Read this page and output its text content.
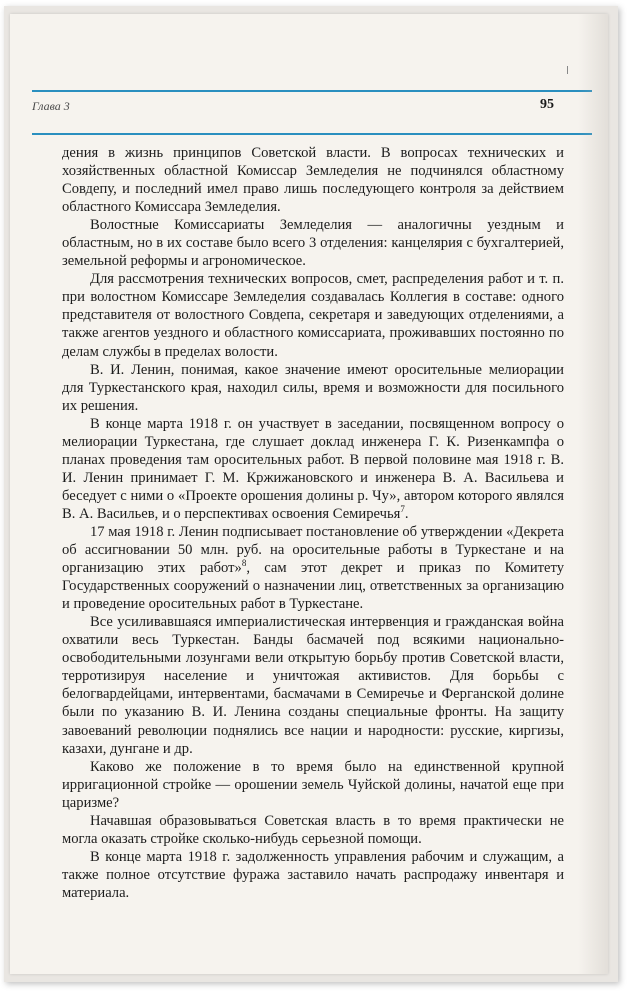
Глава 3	95

дения в жизнь принципов Советской власти. В вопросах технических и хозяйственных областной Комиссар Земледелия не подчинялся областному Совдепу, и последний имел право лишь последующего контроля за действием областного Комиссара Земледелия.

Волостные Комиссариаты Земледелия — аналогичны уездным и областным, но в их составе было всего 3 отделения: канцелярия с бухгалтерией, земельной реформы и агрономическое.

Для рассмотрения технических вопросов, смет, распределения работ и т. п. при волостном Комиссаре Земледелия создавалась Коллегия в составе: одного представителя от волостного Совдепа, секретаря и заведующих отделениями, а также агентов уездного и областного комиссариата, проживавших постоянно по делам службы в пределах волости.

В. И. Ленин, понимая, какое значение имеют оросительные мелиорации для Туркестанского края, находил силы, время и возможности для посильного их решения.

В конце марта 1918 г. он участвует в заседании, посвященном вопросу о мелиорации Туркестана, где слушает доклад инженера Г. К. Ризенкампфа о планах проведения там оросительных работ. В первой половине мая 1918 г. В. И. Ленин принимает Г. М. Кржижановского и инженера В. А. Васильева и беседует с ними о «Проекте орошения долины р. Чу», автором которого являлся В. А. Васильев, и о перспективах освоения Семиречья$^7$.

17 мая 1918 г. Ленин подписывает постановление об утверждении «Декрета об ассигновании 50 млн. руб. на оросительные работы в Туркестане и на организацию этих работ»$^8$, сам этот декрет и приказ по Комитету Государственных сооружений о назначении лиц, ответственных за организацию и проведение оросительных работ в Туркестане.

Все усиливавшаяся империалистическая интервенция и гражданская война охватили весь Туркестан. Банды басмачей под всякими национально-освободительными лозунгами вели открытую борьбу против Советской власти, терротизируя население и уничтожая активистов. Для борьбы с белогвардейцами, интервентами, басмачами в Семиречье и Ферганской долине были по указанию В. И. Ленина созданы специальные фронты. На защиту завоеваний революции поднялись все нации и народности: русские, киргизы, казахи, дунгане и др.

Каково же положение в то время было на единственной крупной ирригационной стройке — орошении земель Чуйской долины, начатой еще при царизме?

Начавшая образовываться Советская власть в то время практически не могла оказать стройке сколько-нибудь серьезной помощи.

В конце марта 1918 г. задолженность управления рабочим и служащим, а также полное отсутствие фуража заставило начать распродажу инвентаря и материала.
